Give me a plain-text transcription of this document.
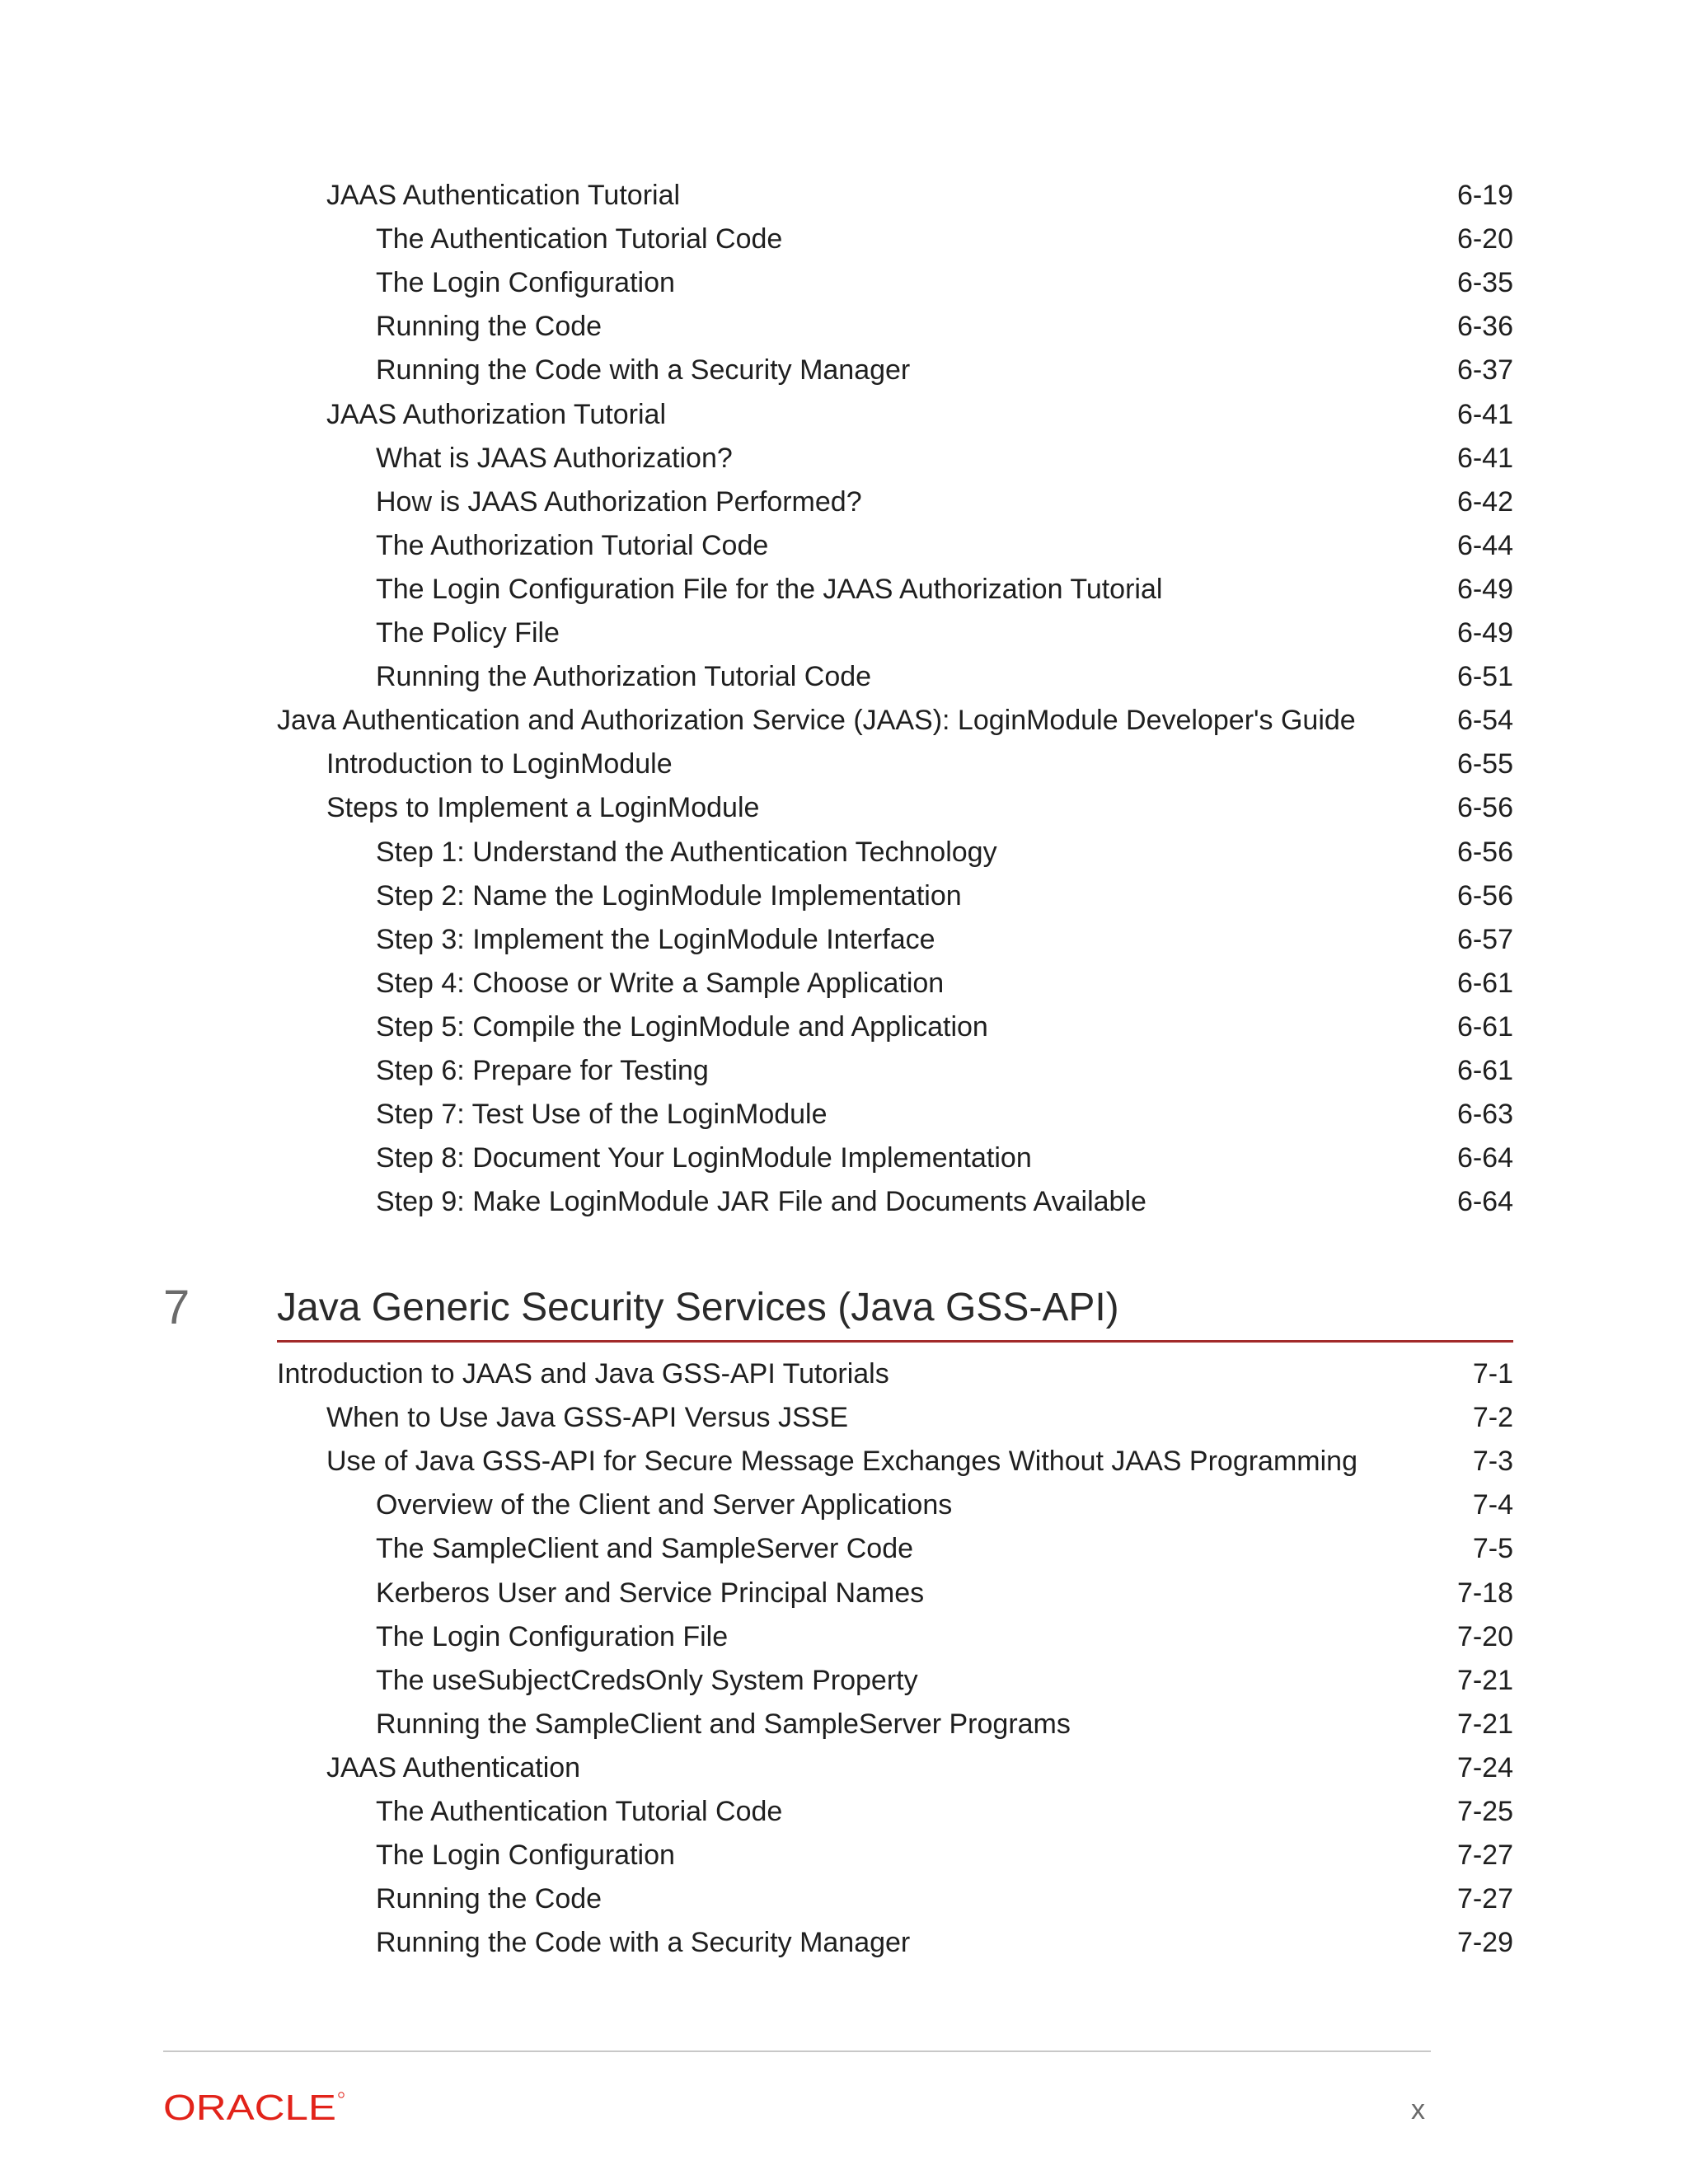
JAAS Authentication Tutorial	6-19
The Authentication Tutorial Code	6-20
The Login Configuration	6-35
Running the Code	6-36
Running the Code with a Security Manager	6-37
JAAS Authorization Tutorial	6-41
What is JAAS Authorization?	6-41
How is JAAS Authorization Performed?	6-42
The Authorization Tutorial Code	6-44
The Login Configuration File for the JAAS Authorization Tutorial	6-49
The Policy File	6-49
Running the Authorization Tutorial Code	6-51
Java Authentication and Authorization Service (JAAS): LoginModule Developer's Guide	6-54
Introduction to LoginModule	6-55
Steps to Implement a LoginModule	6-56
Step 1: Understand the Authentication Technology	6-56
Step 2: Name the LoginModule Implementation	6-56
Step 3: Implement the LoginModule Interface	6-57
Step 4: Choose or Write a Sample Application	6-61
Step 5: Compile the LoginModule and Application	6-61
Step 6: Prepare for Testing	6-61
Step 7: Test Use of the LoginModule	6-63
Step 8: Document Your LoginModule Implementation	6-64
Step 9: Make LoginModule JAR File and Documents Available	6-64
Introduction to JAAS and Java GSS-API Tutorials	7-1
When to Use Java GSS-API Versus JSSE	7-2
Use of Java GSS-API for Secure Message Exchanges Without JAAS Programming	7-3
Overview of the Client and Server Applications	7-4
The SampleClient and SampleServer Code	7-5
Kerberos User and Service Principal Names	7-18
The Login Configuration File	7-20
The useSubjectCredsOnly System Property	7-21
Running the SampleClient and SampleServer Programs	7-21
JAAS Authentication	7-24
The Authentication Tutorial Code	7-25
The Login Configuration	7-27
Running the Code	7-27
Running the Code with a Security Manager	7-29
7 Java Generic Security Services (Java GSS-API)
ORACLE	x
